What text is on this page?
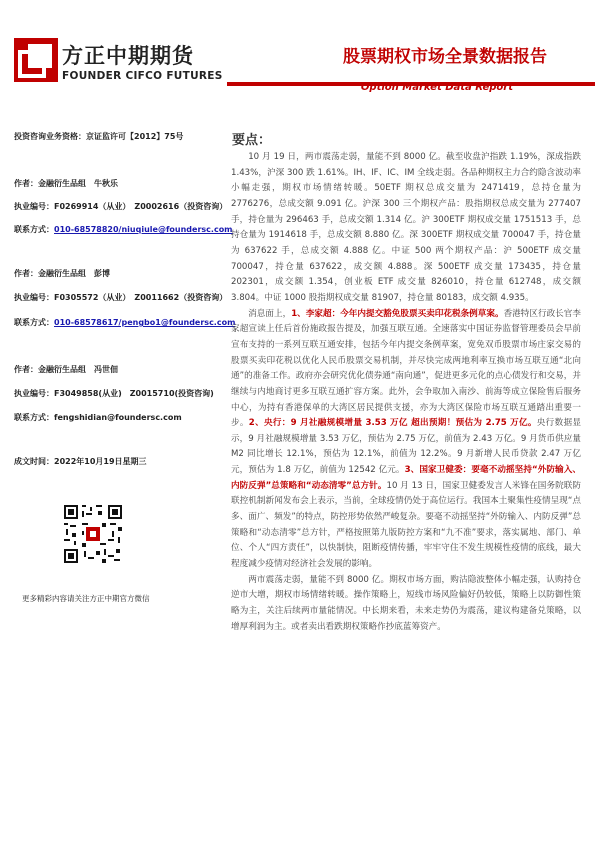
方正中期期货
FOUNDER CIFCO FUTURES
股票期权市场全景数据报告
Option Market Data Report
投资咨询业务资格：京证监许可【2012】75号
作者：金融衍生品组　牛秋乐
执业编号：F0269914（从业）　Z0002616（投资咨询）
联系方式：010-68578820/niuqiule@foundersc.com
作者：金融衍生品组　彭博
执业编号：F0305572（从业）　Z0011662（投资咨询）
联系方式：010-68578617/pengbo1@foundersc.com
作者：金融衍生品组　冯世佃
执业编号：F3049858(从业)　Z0015710(投资咨询)
联系方式：fengshidian@foundersc.com
成文时间：2022年10月19日星期三
更多精彩内容请关注方正中期官方微信
要点：

10 月 19 日，两市震荡走弱，量能不到 8000 亿。截至收盘沪指跌 1.19%，深成指跌 1.43%，沪深 300 跌 1.61%。IH、IF、IC、IM 全线走弱。各品种期权主力合约隐含波动率小幅走强，期权市场情绪转暖。50ETF 期权总成交量为 2471419，总持仓量为 2776276，总成交额 9.091 亿。沪深 300 三个期权产品：股指期权总成交量为 277407 手，持仓量为 296463 手，总成交额 1.314 亿。沪 300ETF 期权成交量 1751513 手，总持仓量为 1914618 手，总成交额 8.880 亿。深 300ETF 期权成交量 700047 手，持仓量为 637622 手，总成交额 4.888 亿。中证 500 两个期权产品：沪 500ETF 成交量 700047，持仓量 637622，成交额 4.888。深 500ETF 成交量 173435，持仓量 202301，成交额 1.354，创业板 ETF 成交量 826010，持仓量 612748，成交额 3.804。中证 1000 股指期权成交量 81907，持仓量 80183，成交额 4.935。

消息面上，1、李家超：今年内提交豁免股票买卖印花税条例草案。香港特区行政长官李家超宣读上任后首份施政报告提及，加强互联互通。全速落实中国证券监督管理委员会早前宣布支持的一系列互联互通安排，包括今年内提交条例草案，宽免双币股票市场庄家交易的股票买卖印花税以优化人民币股票交易机制，并尽快完成两地利率互换市场互联互通“北向通”的准备工作。政府亦会研究优化债券通“南向通”，促进更多元化的点心债发行和交易，并继续与内地商讨更多互联互通扩容方案。此外，会争取加入南沙、前海等成立保险售后服务中心，为持有香港保单的大湾区居民提供支援，亦为大湾区保险市场互联互通踏出重要一步。2、央行：9 月社融规模增量 3.53 万亿 超出预期！预估为 2.75 万亿。央行数据显示，9 月社融规模增量 3.53 万亿，预估为 2.75 万亿，前值为 2.43 万亿。9 月货币供应量 M2 同比增长 12.1%，预估为 12.1%，前值为 12.2%。9 月新增人民币贷款 2.47 万亿元，预估为 1.8 万亿，前值为 12542 亿元。3、国家卫健委：要毫不动摇坚持“外防输入、内防反弹”总策略和“动态清零”总方针。10 月 13 日，国家卫健委发言人米锋在国务院联防联控机制新闻发布会上表示，当前，全球疫情仍处于高位运行。我国本土聚集性疫情呈现“点多、面广、频发”的特点，防控形势依然严峻复杂。要毫不动摇坚持“外防输入、内防反弹”总策略和“动态清零”总方针，严格按照第九版防控方案和“九不准”要求，落实属地、部门、单位、个人“四方责任”，以快制快，阻断疫情传播，牢牢守住不发生规模性疫情的底线，最大程度减少疫情对经济社会发展的影响。

两市震荡走弱，量能不到 8000 亿。期权市场方面，购沽隐波整体小幅走强，认购持仓逆市大增，期权市场情绪转暖。操作策略上，短线市场风险偏好仍较低，策略上以防御性策略为主，关注后续两市量能情况。中长期来看，未来走势仍为震荡，建议构建备兑策略，以增厚利润为主。或者卖出看跌期权策略作抄底蓝筹资产。
